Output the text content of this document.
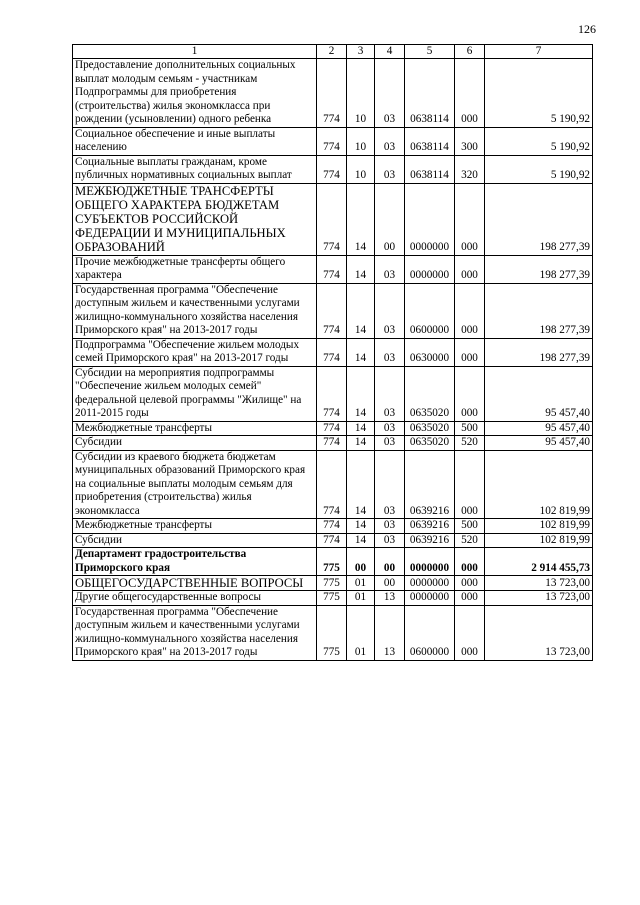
126
1	2	3	4	5	6	7
Предоставление дополнительных социальных выплат молодым семьям - участникам Подпрограммы для приобретения (строительства) жилья экономкласса при рождении (усыновлении) одного ребенка	774	10	03	0638114	000	5 190,92
Социальное обеспечение и иные выплаты населению	774	10	03	0638114	300	5 190,92
Социальные выплаты гражданам, кроме публичных нормативных социальных выплат	774	10	03	0638114	320	5 190,92
МЕЖБЮДЖЕТНЫЕ ТРАНСФЕРТЫ ОБЩЕГО ХАРАКТЕРА БЮДЖЕТАМ СУБЪЕКТОВ РОССИЙСКОЙ ФЕДЕРАЦИИ И МУНИЦИПАЛЬНЫХ ОБРАЗОВАНИЙ	774	14	00	0000000	000	198 277,39
Прочие межбюджетные трансферты общего характера	774	14	03	0000000	000	198 277,39
Государственная программа "Обеспечение доступным жильем и качественными услугами жилищно-коммунального хозяйства населения Приморского края" на 2013-2017 годы	774	14	03	0600000	000	198 277,39
Подпрограмма "Обеспечение жильем молодых семей Приморского края" на 2013-2017 годы	774	14	03	0630000	000	198 277,39
Субсидии на мероприятия подпрограммы "Обеспечение жильем молодых семей" федеральной целевой программы "Жилище" на 2011-2015 годы	774	14	03	0635020	000	95 457,40
Межбюджетные трансферты	774	14	03	0635020	500	95 457,40
Субсидии	774	14	03	0635020	520	95 457,40
Субсидии из краевого бюджета бюджетам муниципальных образований Приморского края на социальные выплаты молодым семьям для приобретения (строительства) жилья экономкласса	774	14	03	0639216	000	102 819,99
Межбюджетные трансферты	774	14	03	0639216	500	102 819,99
Субсидии	774	14	03	0639216	520	102 819,99
Департамент градостроительства Приморского края	775	00	00	0000000	000	2 914 455,73
ОБЩЕГОСУДАРСТВЕННЫЕ ВОПРОСЫ	775	01	00	0000000	000	13 723,00
Другие общегосударственные вопросы	775	01	13	0000000	000	13 723,00
Государственная программа "Обеспечение доступным жильем и качественными услугами жилищно-коммунального хозяйства населения Приморского края" на 2013-2017 годы	775	01	13	0600000	000	13 723,00
